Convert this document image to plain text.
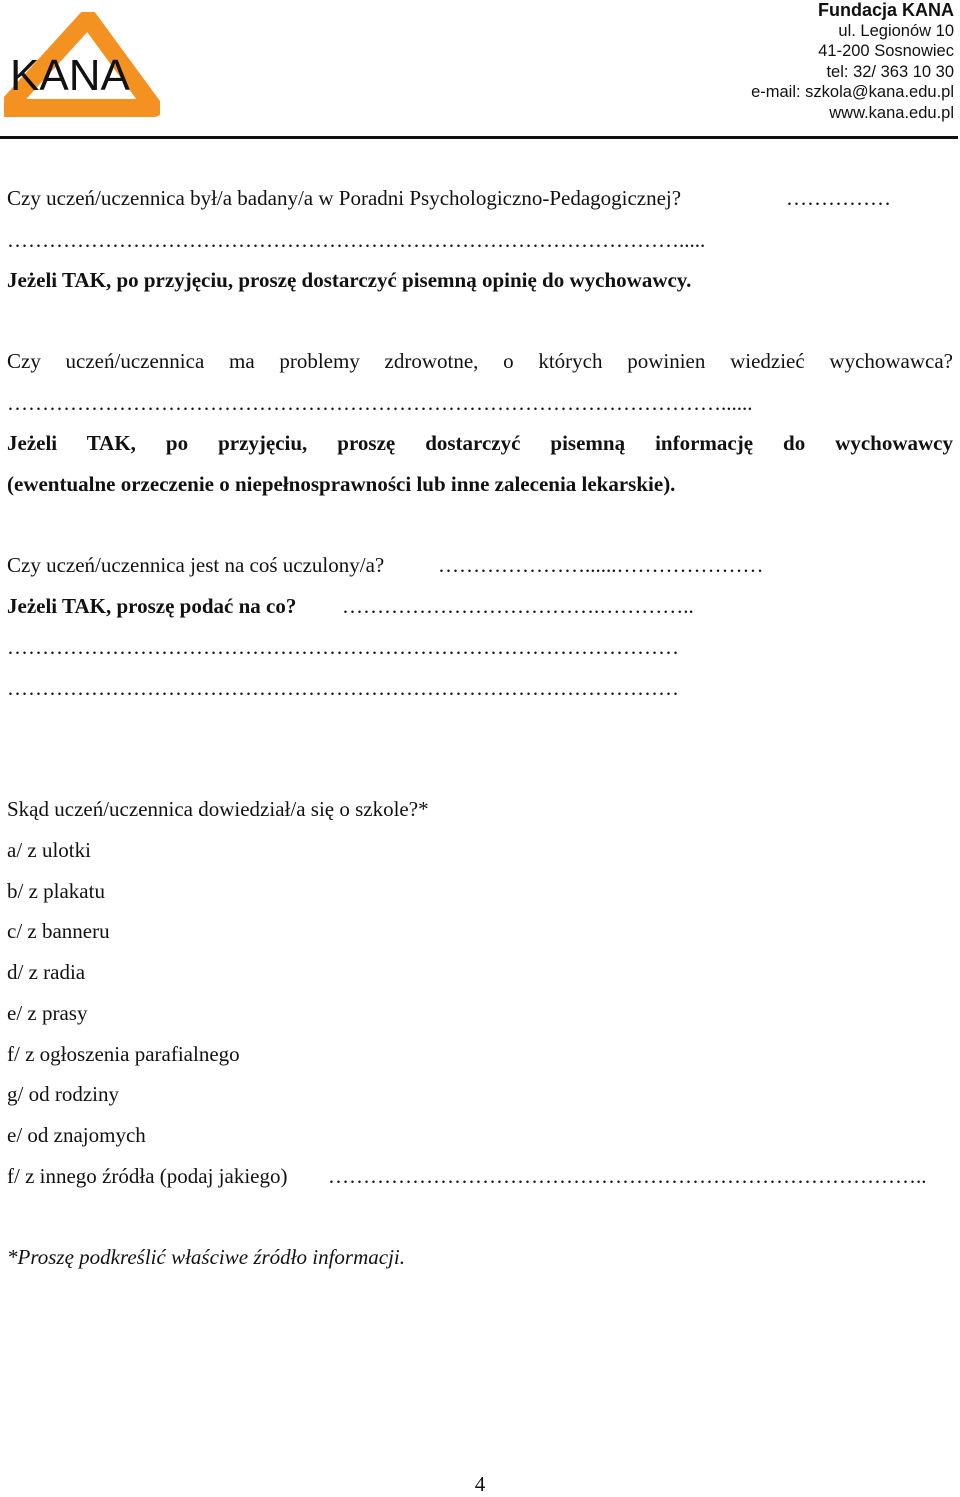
KANA
Fundacja KANA
ul. Legionów 10
41-200 Sosnowiec
tel: 32/ 363 10 30
e-mail: szkola@kana.edu.pl
www.kana.edu.pl
Czy uczeń/uczennica był/a badany/a w Poradni Psychologiczno-Pedagogicznej?	……………
…………………………………………………………………………………….....
Jeżeli TAK, po przyjęciu, proszę dostarczyć pisemną opinię do wychowawcy.
Czy uczeń/uczennica ma problemy zdrowotne, o których powinien wiedzieć wychowawca?
…………………………………………………………………………………………......
Jeżeli TAK, po przyjęciu, proszę dostarczyć pisemną informację do wychowawcy
(ewentualne orzeczenie o niepełnosprawności lub inne zalecenia lekarskie).
Czy uczeń/uczennica jest na coś uczulony/a?	…………………......…………………
Jeżeli TAK, proszę podać na co? ……………………………….…………..
……………………………………………………………………………………
……………………………………………………………………………………
Skąd uczeń/uczennica dowiedział/a się o szkole?*
a/ z ulotki
b/ z plakatu
c/ z banneru
d/ z radia
e/ z prasy
f/ z ogłoszenia parafialnego
g/ od rodziny
e/ od znajomych
f/ z innego źródła (podaj jakiego) …………………………………………………………………………..
*Proszę podkreślić właściwe źródło informacji.
4
